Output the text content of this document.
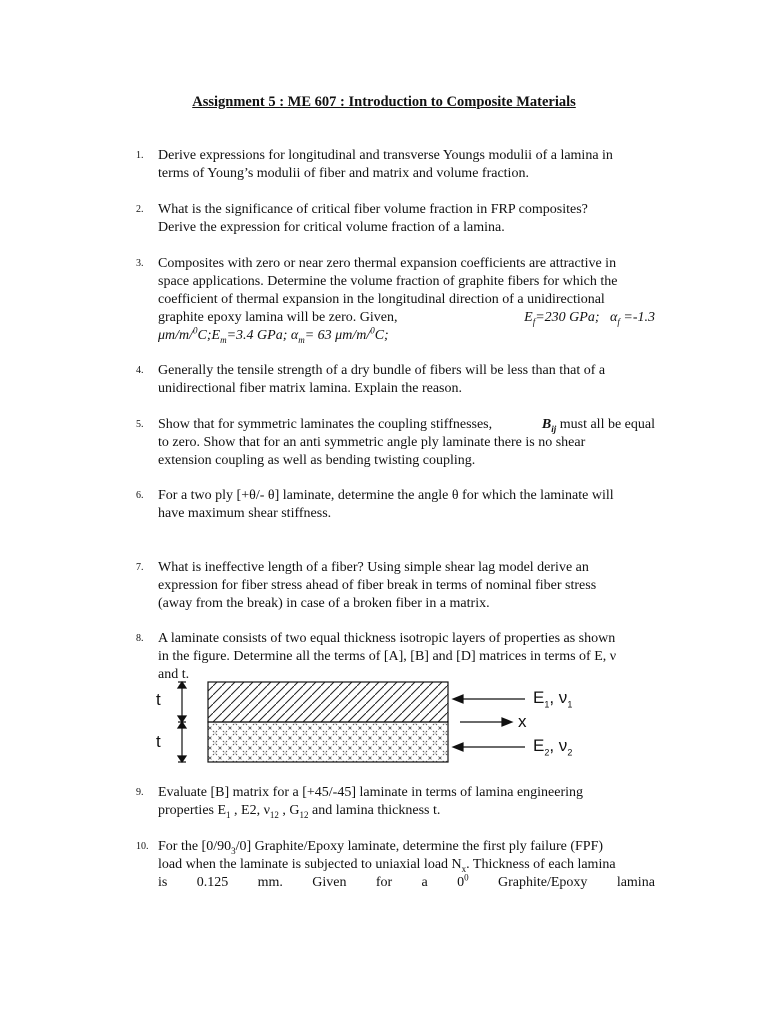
Assignment 5 : ME 607 : Introduction to Composite Materials
1.	Derive expressions for longitudinal and transverse Youngs modulii of a lamina in
terms of Young’s modulii of fiber and matrix and volume fraction.
2.	What is the significance of critical fiber volume fraction in FRP composites?
Derive the expression for critical volume fraction of a lamina.
3.	Composites with zero or near zero thermal expansion coefficients are attractive in
space applications. Determine the volume fraction of graphite fibers for which the
coefficient of thermal expansion in the longitudinal direction of a unidirectional
graphite epoxy lamina will be zero. Given,	$E_f=230$ GPa; $\alpha_f =-1.3$
$\mu m/m/^0C;E_m=3.4$ GPa; $\alpha_m= 63$ μm/m/$^0$C;
4.	Generally the tensile strength of a dry bundle of fibers will be less than that of a
unidirectional fiber matrix lamina. Explain the reason.
5.	Show that for symmetric laminates the coupling stiffnesses,	$B_{ij}$ must all be equal
to zero. Show that for an anti symmetric angle ply laminate there is no shear
extension coupling as well as bending twisting coupling.
6.	For a two ply [+θ/- θ] laminate, determine the angle θ for which the laminate will
have maximum shear stiffness.
7.	What is ineffective length of a fiber? Using simple shear lag model derive an
expression for fiber stress ahead of fiber break in terms of nominal fiber stress
(away from the break) in case of a broken fiber in a matrix.
8.	A laminate consists of two equal thickness isotropic layers of properties as shown
in the figure. Determine all the terms of [A], [B] and [D] matrices in terms of E, ν
and t.
t
t
$E_1$, $\nu_1$
x
$E_2$, $\nu_2$
9.	Evaluate [B] matrix for a [+45/-45] laminate in terms of lamina engineering
properties $E_1$ , E2, $\nu_{12}$ , $G_{12}$ and lamina thickness t.
10. For the $[0/90_3/0]$ Graphite/Epoxy laminate, determine the first ply failure (FPF)
load when the laminate is subjected to uniaxial load $N_x$. Thickness of each lamina
is 0.125 mm. Given for a $0^0$ Graphite/Epoxy lamina
